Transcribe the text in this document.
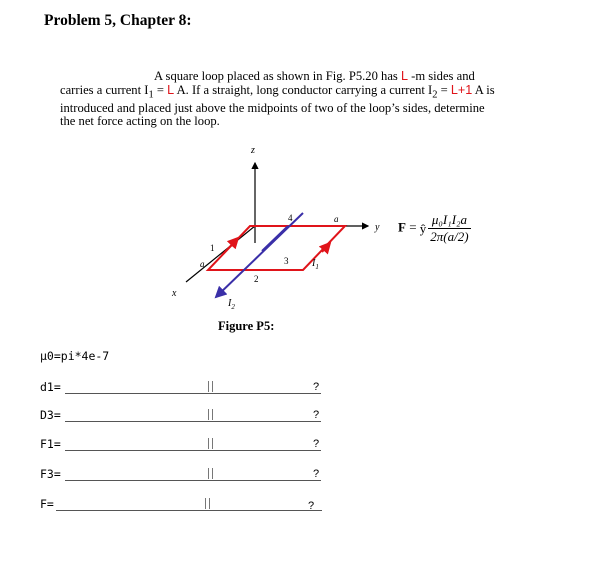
Problem 5, Chapter 8:
A square loop placed as shown in Fig. P5.20 has L -m sides and
carries a current $I_1 = L$ A. If a straight, long conductor carrying a current $I_2 = L+1$ A is
introduced and placed just above the midpoints of two of the loop’s sides, determine
the net force acting on the loop.
z
y
x
1
2
3
4	a
a	$I_1$
$I_2$
Figure P5:
F = ŷ $\frac{\text{μ₀I₁I₂a}}{2\pi(a/2)}$
μ0=pi*4e-7
d1=	?
D3=	?
F1=	?
F3=	?
F=	?
